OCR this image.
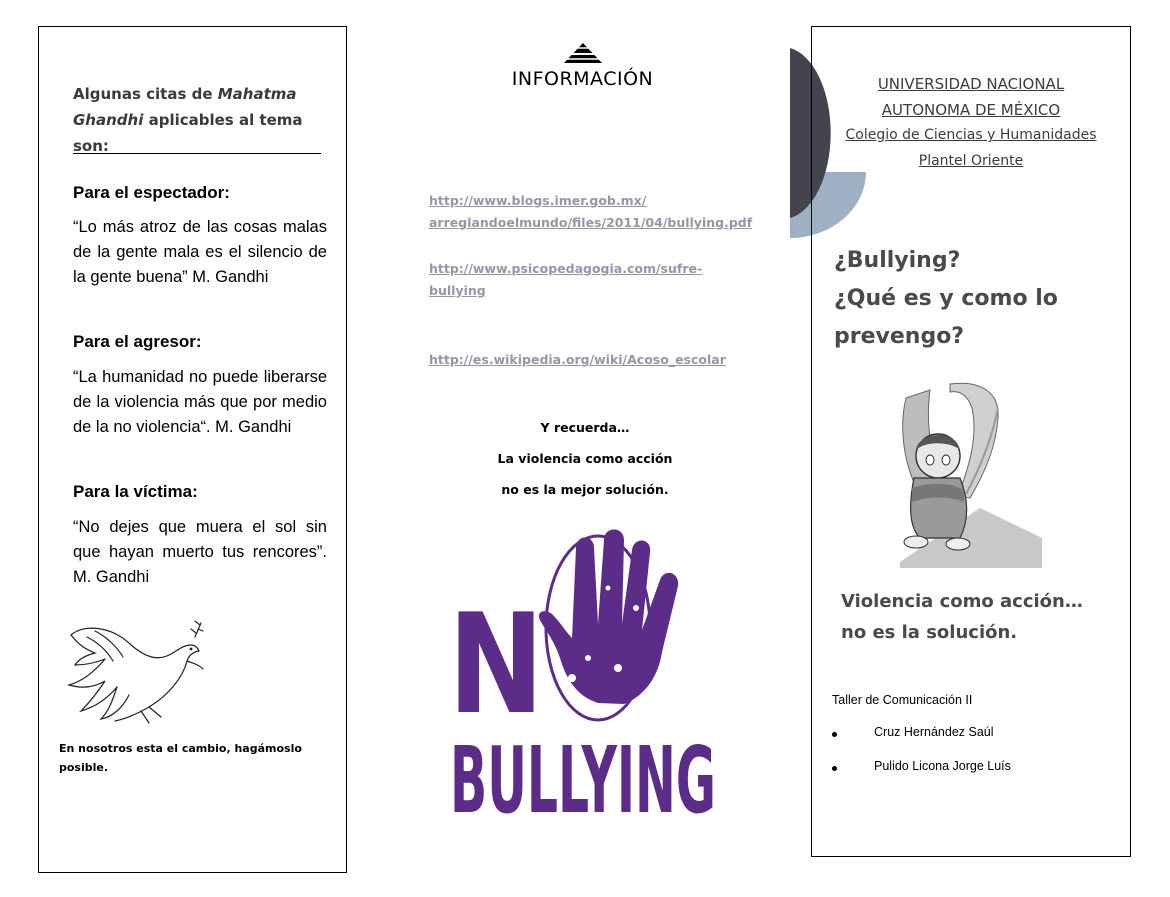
Algunas citas de Mahatma Ghandhi aplicables al tema son:
Para el espectador:
“Lo más atroz de las cosas malas de la gente mala es el silencio de la gente buena” M. Gandhi
Para el agresor:
“La humanidad no puede liberarse de la violencia más que por medio de la no violencia“. M. Gandhi
Para la víctima:
“No dejes que muera el sol sin que hayan muerto tus rencores”. M. Gandhi
En nosotros esta el cambio, hagámoslo posible.
INFORMACIÓN
http://www.blogs.imer.gob.mx/
arreglandoelmundo/files/2011/04/bullying.pdf
http://www.psicopedagogia.com/sufre-
bullying
http://es.wikipedia.org/wiki/Acoso_escolar
Y recuerda…
La violencia como acción
no es la mejor solución.
N
BULLYING
UNIVERSIDAD NACIONAL
AUTONOMA DE MÉXICO
Colegio de Ciencias y Humanidades
Plantel Oriente
¿Bullying?
¿Qué es y como lo
prevengo?
Violencia como acción…
no es la solución.
Taller de Comunicación II
Cruz Hernández Saúl
Pulido Licona Jorge Luís
